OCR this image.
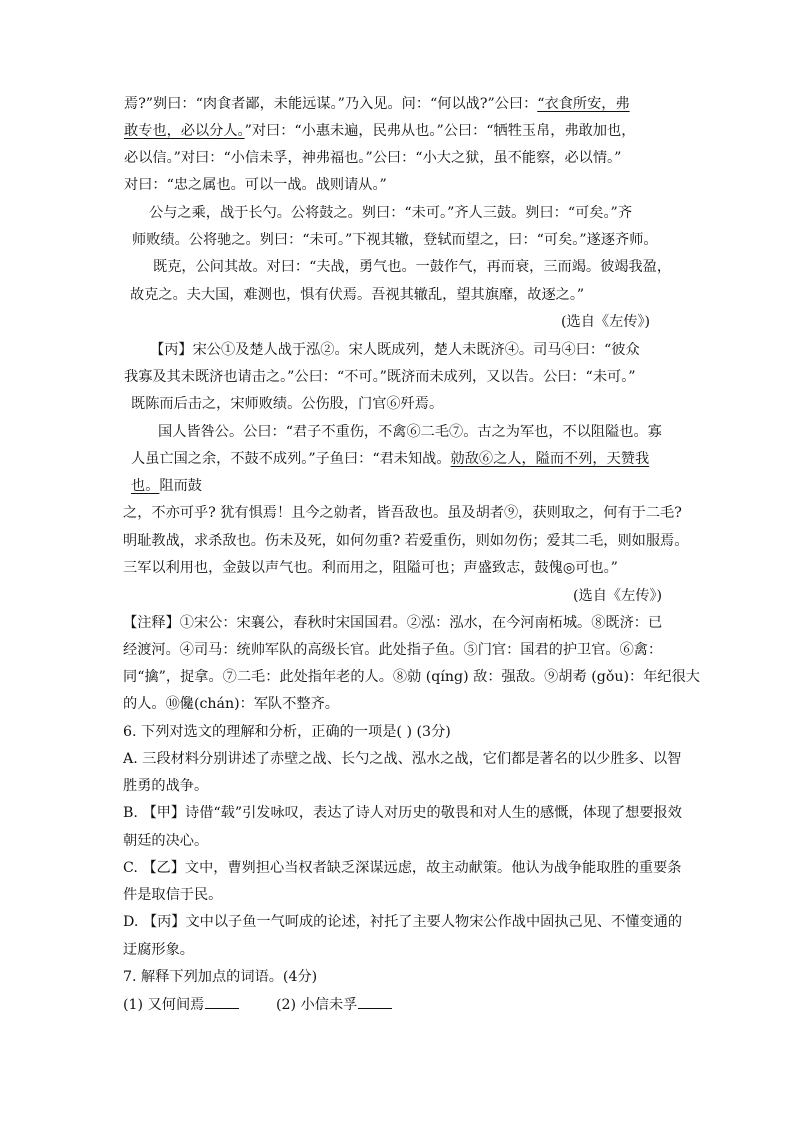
焉?”刿曰：“肉食者鄙，未能远谋。”乃入见。问：“何以战?”公曰：“衣食所安，弗
敢专也，必以分人。”对曰：“小惠未遍，民弗从也。”公曰：“牺牲玉帛，弗敢加也，
必以信。”对曰：“小信未孚，神弗福也。”公曰：“小大之狱，虽不能察，必以情。”
对曰：“忠之属也。可以一战。战则请从。”
公与之乘，战于长勺。公将鼓之。刿曰：“未可。”齐人三鼓。刿曰：“可矣。”齐
师败绩。公将驰之。刿曰：“未可。”下视其辙，登轼而望之，曰：“可矣。”遂逐齐师。
既克，公问其故。对曰：“夫战，勇气也。一鼓作气，再而衰，三而竭。彼竭我盈，
故克之。夫大国，难测也，惧有伏焉。吾视其辙乱，望其旗靡，故逐之。”
(选自《左传》)
【丙】宋公①及楚人战于泓②。宋人既成列，楚人未既济④。司马④曰：“彼众
我寡及其未既济也请击之。”公曰：“不可。”既济而未成列，又以告。公曰：“未可。”
既陈而后击之，宋师败绩。公伤股，门官⑥歼焉。
国人皆咎公。公曰：“君子不重伤，不禽⑥二毛⑦。古之为军也，不以阻隘也。寡
人虽亡国之余，不鼓不成列。”子鱼曰：“君未知战。勍敌⑥之人，隘而不列，天赞我
也。阻而鼓
之，不亦可乎? 犹有惧焉！且今之勍者，皆吾敌也。虽及胡者⑨，获则取之，何有于二毛?
明耻教战，求杀敌也。伤未及死，如何勿重? 若爱重伤，则如勿伤；爱其二毛，则如服焉。
三军以利用也，金鼓以声气也。利而用之，阻隘可也；声盛致志，鼓傀◎可也。”
(选自《左传》)
【注释】①宋公：宋襄公，春秋时宋国国君。②泓：泓水，在今河南柘城。⑧既济：已
经渡河。④司马：统帅军队的高级长官。此处指子鱼。⑤门官：国君的护卫官。⑥禽：
同“擒”，捉拿。⑦二毛：此处指年老的人。⑧勍 (qíng) 敌：强敌。⑨胡耇 (gǒu)：年纪很大
的人。⑩儳(chán)：军队不整齐。
6. 下列对选文的理解和分析，正确的一项是( ) (3分)
A. 三段材料分别讲述了赤壁之战、长勺之战、泓水之战，它们都是著名的以少胜多、以智
胜勇的战争。
B. 【甲】诗借“载”引发咏叹，表达了诗人对历史的敬畏和对人生的感慨，体现了想要报效
朝廷的决心。
C. 【乙】文中，曹刿担心当权者缺乏深谋远虑，故主动献策。他认为战争能取胜的重要条
件是取信于民。
D. 【丙】文中以子鱼一气呵成的论述，衬托了主要人物宋公作战中固执己见、不懂变通的
迂腐形象。
7. 解释下列加点的词语。(4分)
(1) 又何间焉	(2) 小信未孚
